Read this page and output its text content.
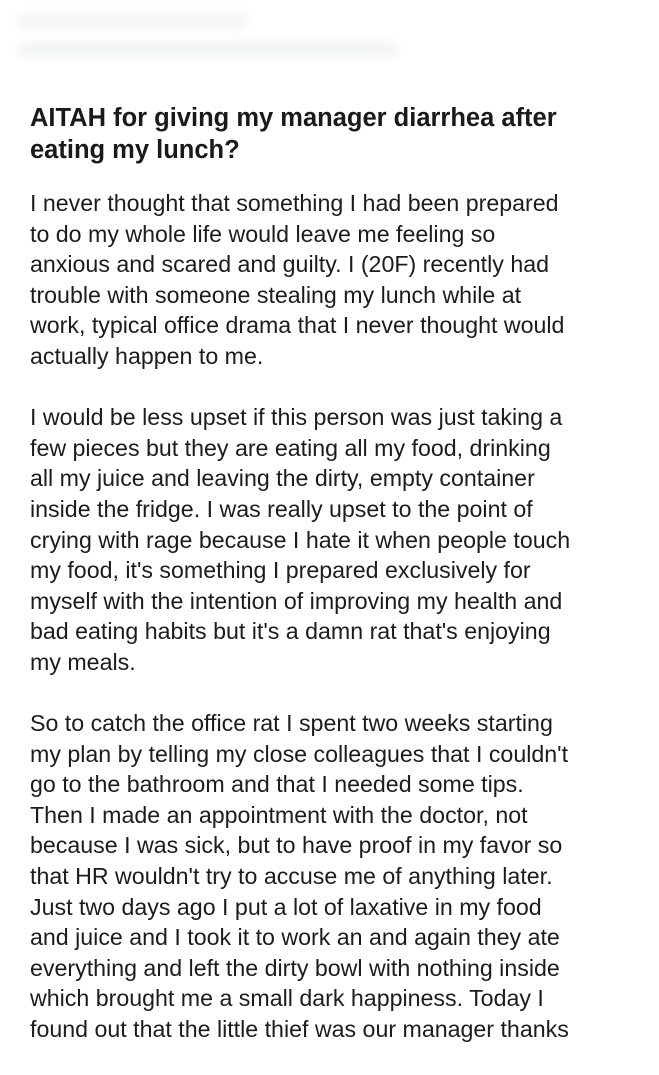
AITAH for giving my manager diarrhea after
eating my lunch?

I never thought that something I had been prepared
to do my whole life would leave me feeling so
anxious and scared and guilty. I (20F) recently had
trouble with someone stealing my lunch while at
work, typical office drama that I never thought would
actually happen to me.

I would be less upset if this person was just taking a
few pieces but they are eating all my food, drinking
all my juice and leaving the dirty, empty container
inside the fridge. I was really upset to the point of
crying with rage because I hate it when people touch
my food, it's something I prepared exclusively for
myself with the intention of improving my health and
bad eating habits but it's a damn rat that's enjoying
my meals.

So to catch the office rat I spent two weeks starting
my plan by telling my close colleagues that I couldn't
go to the bathroom and that I needed some tips.
Then I made an appointment with the doctor, not
because I was sick, but to have proof in my favor so
that HR wouldn't try to accuse me of anything later.
Just two days ago I put a lot of laxative in my food
and juice and I took it to work an and again they ate
everything and left the dirty bowl with nothing inside
which brought me a small dark happiness. Today I
found out that the little thief was our manager thanks
